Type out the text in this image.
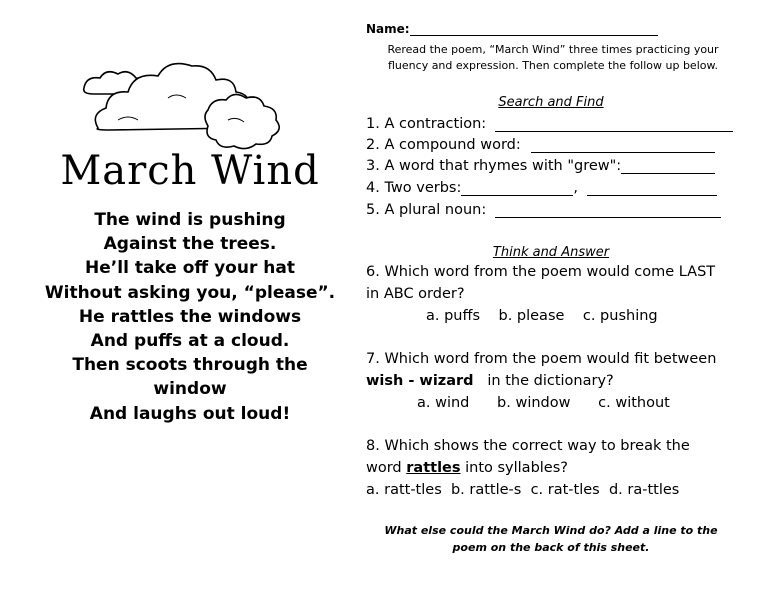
March Wind
The wind is pushing
Against the trees.
He’ll take off your hat
Without asking you, “please”.
He rattles the windows
And puffs at a cloud.
Then scoots through the
window
And laughs out loud!
Name:
Reread the poem, “March Wind” three times practicing your fluency and expression. Then complete the follow up below.
Search and Find
1. A contraction:
2. A compound word:
3. A word that rhymes with "grew":
4. Two verbs:	,
5. A plural noun:
Think and Answer
6. Which word from the poem would come LAST
in ABC order?
a. puffs b. please c. pushing
7. Which word from the poem would fit between
wish - wizard in the dictionary?
a. wind b. window c. without
8. Which shows the correct way to break the
word rattles into syllables?
a. ratt-tles b. rattle-s c. rat-tles d. ra-ttles
What else could the March Wind do? Add a line to the poem on the back of this sheet.
